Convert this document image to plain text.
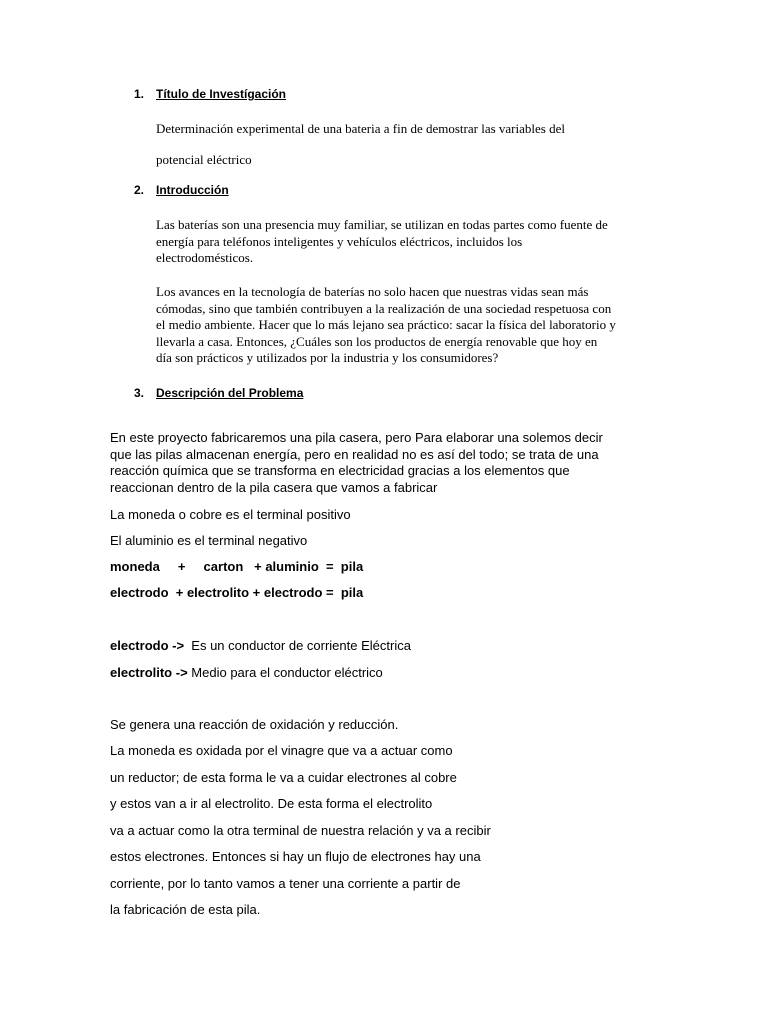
1. Título de Investígación
Determinación experimental de una bateria a fin de demostrar las variables del
potencial eléctrico
2. Introducción
Las baterías son una presencia muy familiar, se utilizan en todas partes como fuente de
energía para teléfonos inteligentes y vehículos eléctricos, incluidos los
electrodomésticos.
Los avances en la tecnología de baterías no solo hacen que nuestras vidas sean más
cómodas, sino que también contribuyen a la realización de una sociedad respetuosa con
el medio ambiente. Hacer que lo más lejano sea práctico: sacar la física del laboratorio y
llevarla a casa. Entonces, ¿Cuáles son los productos de energía renovable que hoy en
día son prácticos y utilizados por la industria y los consumidores?
3. Descripción del Problema
En este proyecto fabricaremos una pila casera, pero Para elaborar una solemos decir
que las pilas almacenan energía, pero en realidad no es así del todo; se trata de una
reacción química que se transforma en electricidad gracias a los elementos que
reaccionan dentro de la pila casera que vamos a fabricar
La moneda o cobre es el terminal positivo
El aluminio es el terminal negativo
moneda     +     carton   + aluminio  =  pila
electrodo  + electrolito + electrodo =  pila
electrodo -> Es un conductor de corriente Eléctrica
electrolito -> Medio para el conductor eléctrico
Se genera una reacción de oxidación y reducción.
La moneda es oxidada por el vinagre que va a actuar como
un reductor; de esta forma le va a cuidar electrones al cobre
y estos van a ir al electrolito. De esta forma el electrolito
va a actuar como la otra terminal de nuestra relación y va a recibir
estos electrones. Entonces si hay un flujo de electrones hay una
corriente, por lo tanto vamos a tener una corriente a partir de
la fabricación de esta pila.
